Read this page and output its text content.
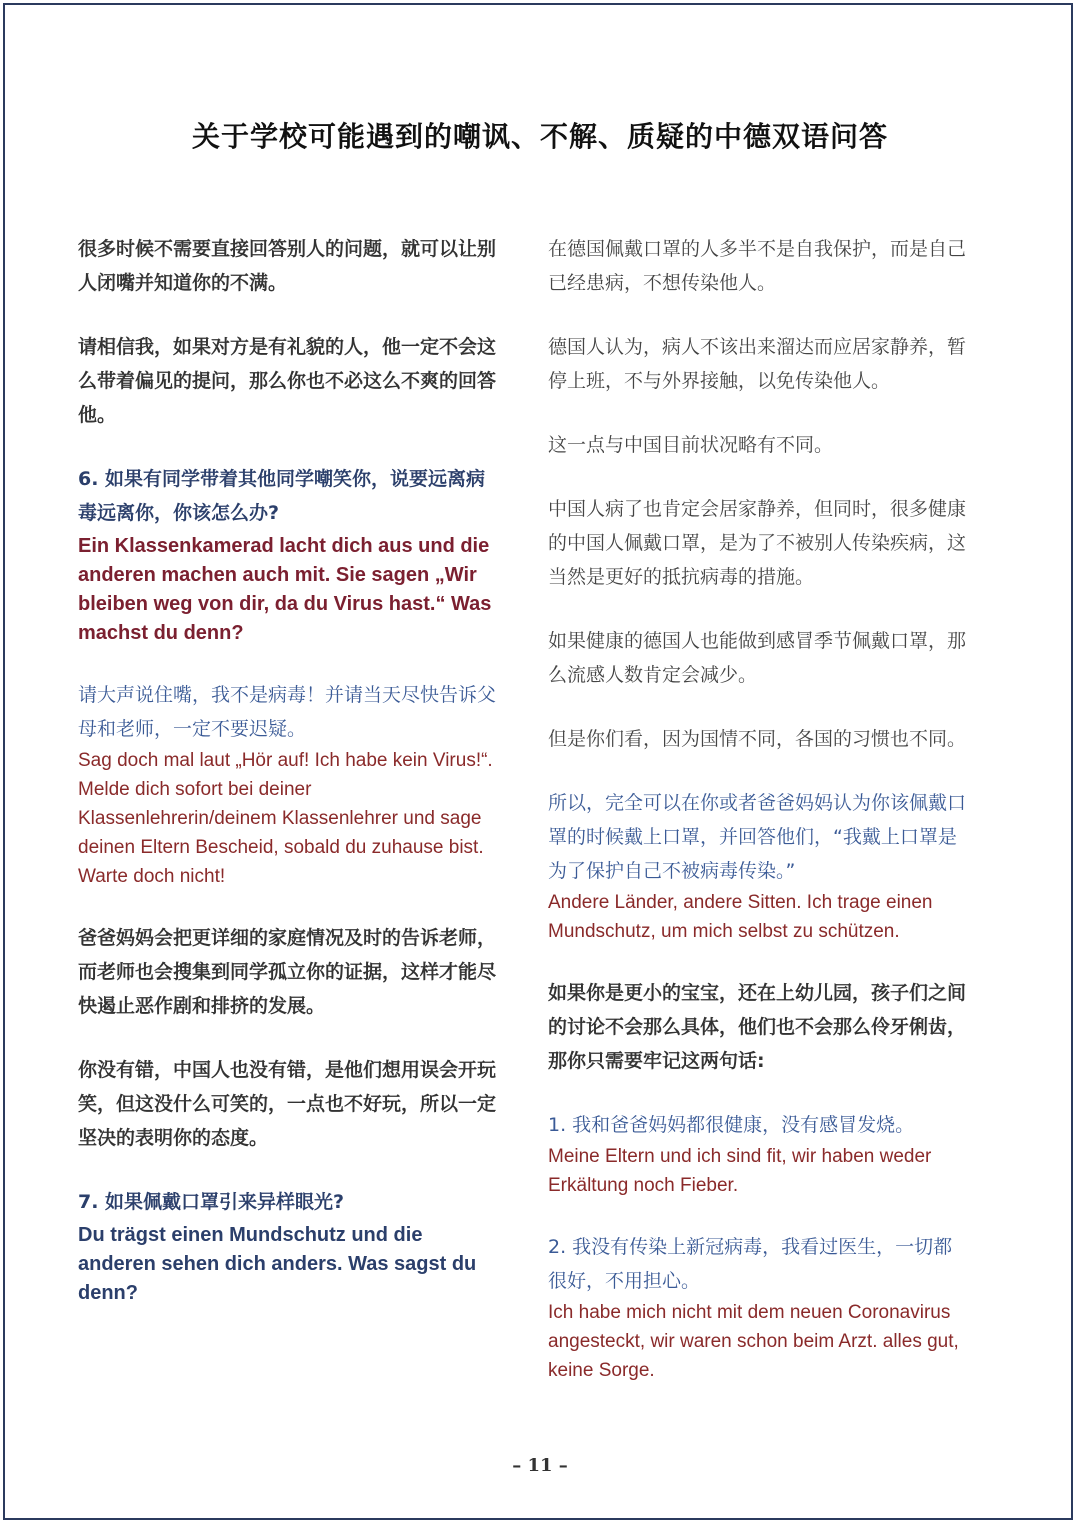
关于学校可能遇到的嘲讽、不解、质疑的中德双语问答

很多时候不需要直接回答别人的问题，就可以让别人闭嘴并知道你的不满。

请相信我，如果对方是有礼貌的人，他一定不会这么带着偏见的提问，那么你也不必这么不爽的回答他。

6. 如果有同学带着其他同学嘲笑你，说要远离病毒远离你，你该怎么办?

Ein Klassenkamerad lacht dich aus und die anderen machen auch mit. Sie sagen „Wir bleiben weg von dir, da du Virus hast.“ Was machst du denn?

请大声说住嘴，我不是病毒！并请当天尽快告诉父母和老师，一定不要迟疑。

Sag doch mal laut „Hör auf! Ich habe kein Virus!“. Melde dich sofort bei deiner Klassenlehrerin/deinem Klassenlehrer und sage deinen Eltern Bescheid, sobald du zuhause bist. Warte doch nicht!

爸爸妈妈会把更详细的家庭情况及时的告诉老师，而老师也会搜集到同学孤立你的证据，这样才能尽快遏止恶作剧和排挤的发展。

你没有错，中国人也没有错，是他们想用误会开玩笑，但这没什么可笑的，一点也不好玩，所以一定坚决的表明你的态度。

7. 如果佩戴口罩引来异样眼光?

Du trägst einen Mundschutz und die anderen sehen dich anders. Was sagst du denn?

在德国佩戴口罩的人多半不是自我保护，而是自己已经患病，不想传染他人。

德国人认为，病人不该出来溜达而应居家静养，暂停上班，不与外界接触，以免传染他人。

这一点与中国目前状况略有不同。

中国人病了也肯定会居家静养，但同时，很多健康的中国人佩戴口罩，是为了不被别人传染疾病，这当然是更好的抵抗病毒的措施。

如果健康的德国人也能做到感冒季节佩戴口罩，那么流感人数肯定会减少。

但是你们看，因为国情不同，各国的习惯也不同。

所以，完全可以在你或者爸爸妈妈认为你该佩戴口罩的时候戴上口罩，并回答他们，“我戴上口罩是为了保护自己不被病毒传染。”

Andere Länder, andere Sitten. Ich trage einen Mundschutz, um mich selbst zu schützen.

如果你是更小的宝宝，还在上幼儿园，孩子们之间的讨论不会那么具体，他们也不会那么伶牙俐齿，那你只需要牢记这两句话:

1. 我和爸爸妈妈都很健康，没有感冒发烧。

Meine Eltern und ich sind fit, wir haben weder Erkältung noch Fieber.

2. 我没有传染上新冠病毒，我看过医生，一切都很好，不用担心。

Ich habe mich nicht mit dem neuen Coronavirus angesteckt, wir waren schon beim Arzt. alles gut, keine Sorge.

– 11 –
